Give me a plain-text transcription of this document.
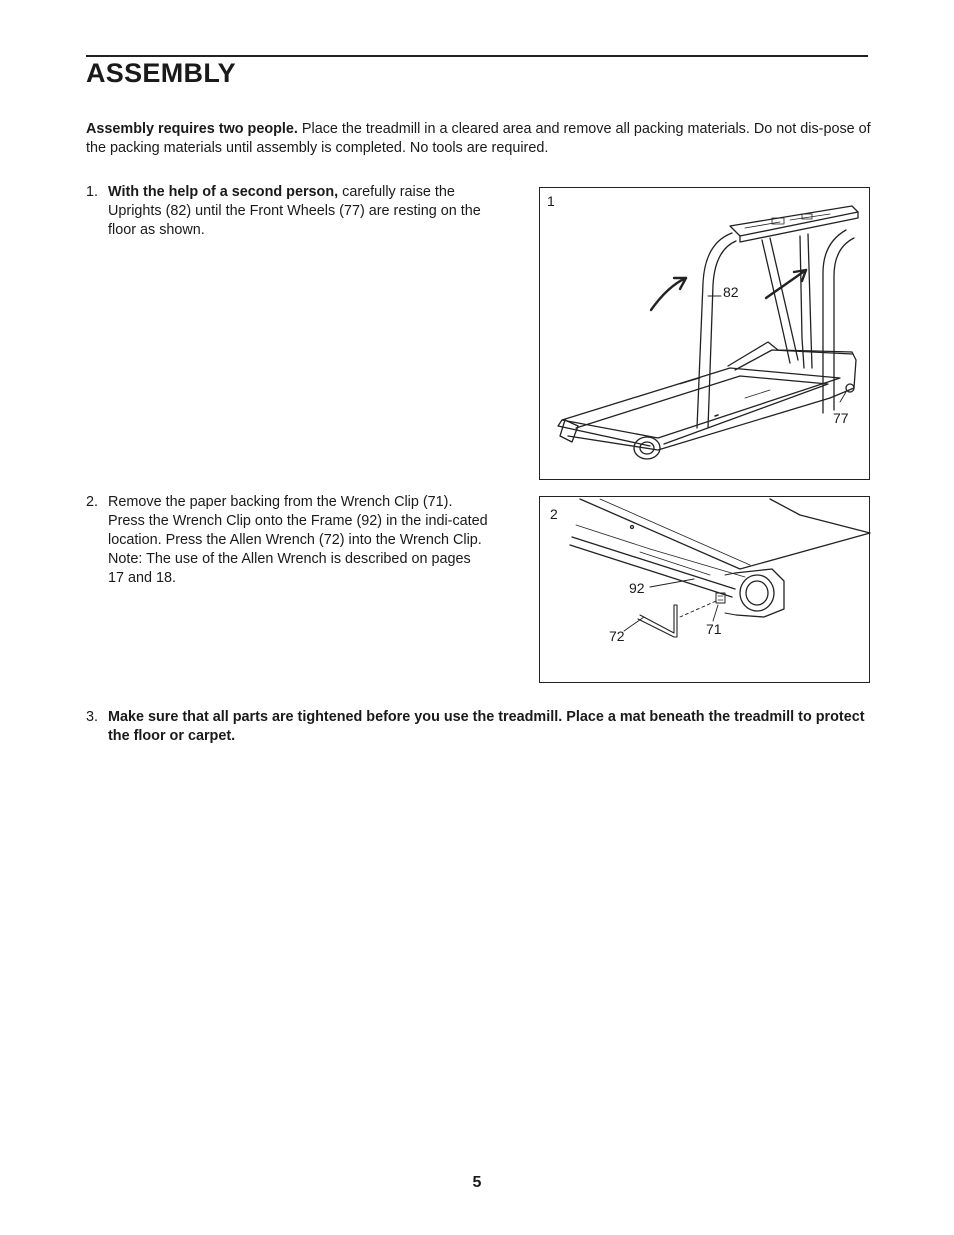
ASSEMBLY

Assembly requires two people. Place the treadmill in a cleared area and remove all packing materials. Do not dis-pose of the packing materials until assembly is completed. No tools are required.

1. With the help of a second person, carefully raise the Uprights (82) until the Front Wheels (77) are resting on the floor as shown.
1
82
77
2. Remove the paper backing from the Wrench Clip (71). Press the Wrench Clip onto the Frame (92) in the indi-cated location. Press the Allen Wrench (72) into the Wrench Clip. Note: The use of the Allen Wrench is described on pages 17 and 18.
2
92
72	71
3. Make sure that all parts are tightened before you use the treadmill. Place a mat beneath the treadmill to protect the floor or carpet.
5
